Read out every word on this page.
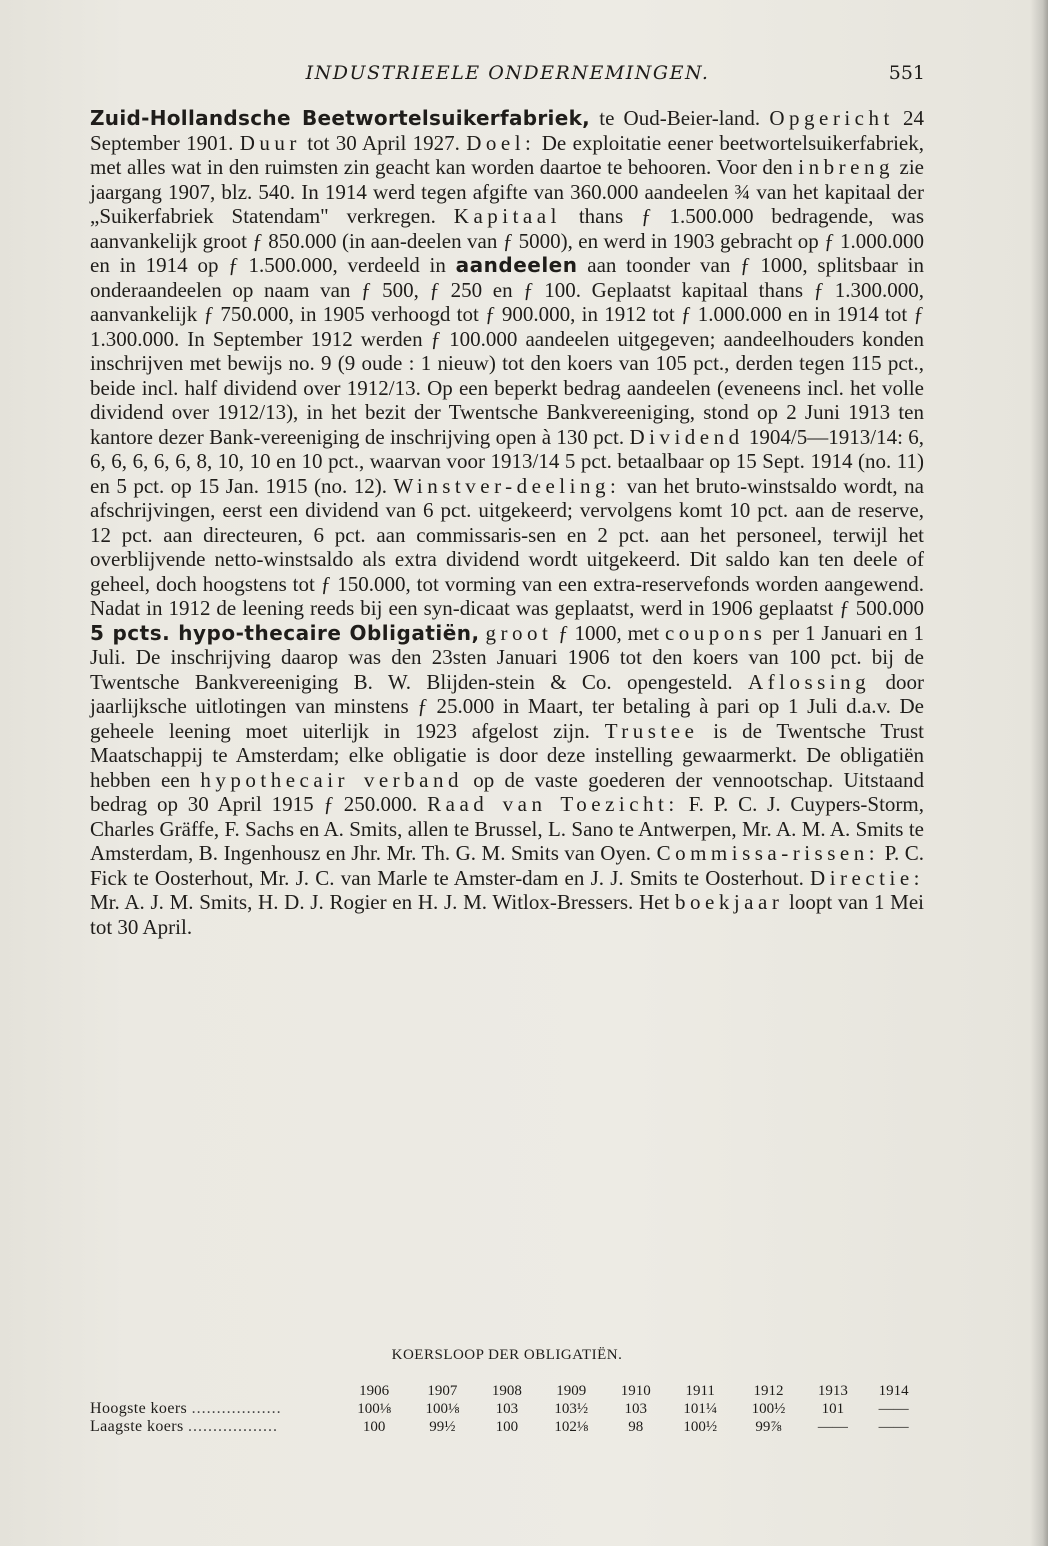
INDUSTRIEELE ONDERNEMINGEN.	551
Zuid-Hollandsche Beetwortelsuikerfabriek, te Oud-Beier-land. Opgericht 24 September 1901. Duur tot 30 April 1927. Doel: De exploitatie eener beetwortelsuikerfabriek, met alles wat in den ruimsten zin geacht kan worden daartoe te behooren. Voor den inbreng zie jaargang 1907, blz. 540. In 1914 werd tegen afgifte van 360.000 aandeelen ¾ van het kapitaal der „Suikerfabriek Statendam" verkregen. Kapitaal thans ƒ 1.500.000 bedragende, was aanvankelijk groot ƒ 850.000 (in aan-deelen van ƒ 5000), en werd in 1903 gebracht op ƒ 1.000.000 en in 1914 op ƒ 1.500.000, verdeeld in aandeelen aan toonder van ƒ 1000, splitsbaar in onderaandeelen op naam van ƒ 500, ƒ 250 en ƒ 100. Geplaatst kapitaal thans ƒ 1.300.000, aanvankelijk ƒ 750.000, in 1905 verhoogd tot ƒ 900.000, in 1912 tot ƒ 1.000.000 en in 1914 tot ƒ 1.300.000. In September 1912 werden ƒ 100.000 aandeelen uitgegeven; aandeelhouders konden inschrijven met bewijs no. 9 (9 oude : 1 nieuw) tot den koers van 105 pct., derden tegen 115 pct., beide incl. half dividend over 1912/13. Op een beperkt bedrag aandeelen (eveneens incl. het volle dividend over 1912/13), in het bezit der Twentsche Bankvereeniging, stond op 2 Juni 1913 ten kantore dezer Bank-vereeniging de inschrijving open à 130 pct. Dividend 1904/5—1913/14: 6, 6, 6, 6, 6, 6, 8, 10, 10 en 10 pct., waarvan voor 1913/14 5 pct. betaalbaar op 15 Sept. 1914 (no. 11) en 5 pct. op 15 Jan. 1915 (no. 12). Winstver-deeling: van het bruto-winstsaldo wordt, na afschrijvingen, eerst een dividend van 6 pct. uitgekeerd; vervolgens komt 10 pct. aan de reserve, 12 pct. aan directeuren, 6 pct. aan commissaris-sen en 2 pct. aan het personeel, terwijl het overblijvende netto-winstsaldo als extra dividend wordt uitgekeerd. Dit saldo kan ten deele of geheel, doch hoogstens tot ƒ 150.000, tot vorming van een extra-reservefonds worden aangewend. Nadat in 1912 de leening reeds bij een syn-dicaat was geplaatst, werd in 1906 geplaatst ƒ 500.000 5 pcts. hypo-thecaire Obligatiën, groot ƒ 1000, met coupons per 1 Januari en 1 Juli. De inschrijving daarop was den 23sten Januari 1906 tot den koers van 100 pct. bij de Twentsche Bankvereeniging B. W. Blijden-stein & Co. opengesteld. Aflossing door jaarlijksche uitlotingen van minstens ƒ 25.000 in Maart, ter betaling à pari op 1 Juli d.a.v. De geheele leening moet uiterlijk in 1923 afgelost zijn. Trustee is de Twentsche Trust Maatschappij te Amsterdam; elke obligatie is door deze instelling gewaarmerkt. De obligatiën hebben een hypothecair verband op de vaste goederen der vennootschap. Uitstaand bedrag op 30 April 1915 ƒ 250.000. Raad van Toezicht: F. P. C. J. Cuypers-Storm, Charles Gräffe, F. Sachs en A. Smits, allen te Brussel, L. Sano te Antwerpen, Mr. A. M. A. Smits te Amsterdam, B. Ingenhousz en Jhr. Mr. Th. G. M. Smits van Oyen. Commissa-rissen: P. C. Fick te Oosterhout, Mr. J. C. van Marle te Amster-dam en J. J. Smits te Oosterhout. Directie: Mr. A. J. M. Smits, H. D. J. Rogier en H. J. M. Witlox-Bressers. Het boekjaar loopt van 1 Mei tot 30 April.
KOERSLOOP DER OBLIGATIËN.
	1906	1907	1908	1909	1910	1911	1912	1913	1914
Hoogste koers ..................	100⅛	100⅛	103	103½	103	101¼	100½	101	——
Laagste koers ..................	100	99½	100	102⅛	98	100½	99⅞	——	——
